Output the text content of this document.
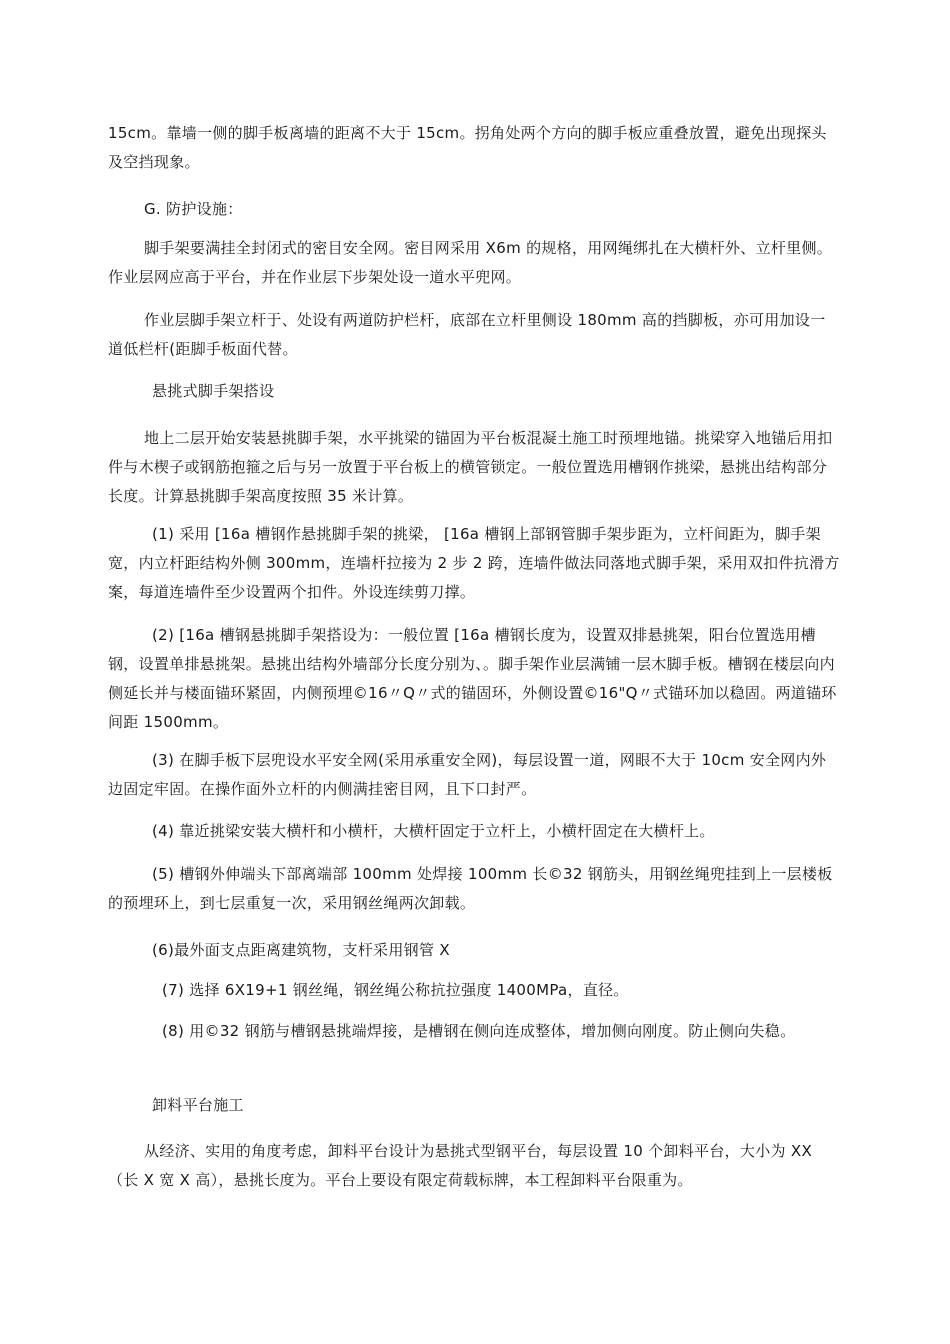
15cm。靠墙一侧的脚手板离墙的距离不大于 15cm。拐角处两个方向的脚手板应重叠放置，避免出现探头及空挡现象。

G. 防护设施：

脚手架要满挂全封闭式的密目安全网。密目网采用 X6m 的规格，用网绳绑扎在大横杆外、立杆里侧。作业层网应高于平台，并在作业层下步架处设一道水平兜网。

作业层脚手架立杆于、处设有两道防护栏杆，底部在立杆里侧设 180mm 高的挡脚板，亦可用加设一道低栏杆(距脚手板面代替。

悬挑式脚手架搭设

地上二层开始安装悬挑脚手架，水平挑梁的锚固为平台板混凝土施工时预埋地锚。挑梁穿入地锚后用扣件与木楔子或钢筋抱箍之后与另一放置于平台板上的横管锁定。一般位置选用槽钢作挑梁，悬挑出结构部分长度。计算悬挑脚手架高度按照 35 米计算。

(1) 采用 [16a 槽钢作悬挑脚手架的挑梁， [16a 槽钢上部钢管脚手架步距为，立杆间距为，脚手架宽，内立杆距结构外侧 300mm，连墙杆拉接为 2 步 2 跨，连墙件做法同落地式脚手架，采用双扣件抗滑方案，每道连墙件至少设置两个扣件。外设连续剪刀撑。

(2) [16a 槽钢悬挑脚手架搭设为：一般位置 [16a 槽钢长度为，设置双排悬挑架，阳台位置选用槽钢，设置单排悬挑架。悬挑出结构外墙部分长度分别为、。脚手架作业层满铺一层木脚手板。槽钢在楼层向内侧延长并与楼面锚环紧固，内侧预埋©16〃Q〃式的锚固环，外侧设置©16"Q〃式锚环加以稳固。两道锚环间距 1500mm。

(3) 在脚手板下层兜设水平安全网(采用承重安全网)，每层设置一道，网眼不大于 10cm 安全网内外边固定牢固。在操作面外立杆的内侧满挂密目网，且下口封严。

(4) 靠近挑梁安装大横杆和小横杆，大横杆固定于立杆上，小横杆固定在大横杆上。

(5) 槽钢外伸端头下部离端部 100mm 处焊接 100mm 长©32 钢筋头，用钢丝绳兜挂到上一层楼板的预埋环上，到七层重复一次，采用钢丝绳两次卸载。

(6)最外面支点距离建筑物，支杆采用钢管 X

(7) 选择 6X19+1 钢丝绳，钢丝绳公称抗拉强度 1400MPa，直径。

(8) 用©32 钢筋与槽钢悬挑端焊接，是槽钢在侧向连成整体，增加侧向刚度。防止侧向失稳。

卸料平台施工

从经济、实用的角度考虑，卸料平台设计为悬挑式型钢平台，每层设置 10 个卸料平台，大小为 XX（长 X 宽 X 高），悬挑长度为。平台上要设有限定荷载标牌，本工程卸料平台限重为。
